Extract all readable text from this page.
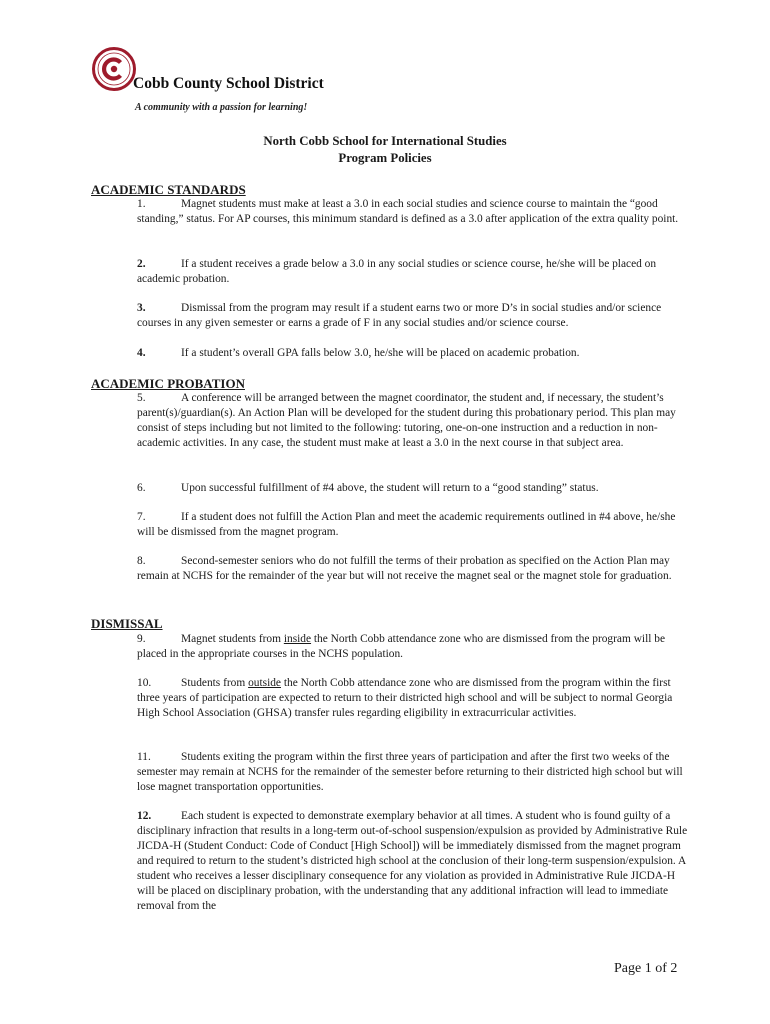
Cobb County School District
A community with a passion for learning!
North Cobb School for International Studies
Program Policies
ACADEMIC STANDARDS
1.	Magnet students must make at least a 3.0 in each social studies and science course to maintain the “good standing,” status. For AP courses, this minimum standard is defined as a 3.0 after application of the extra quality point.
2.	If a student receives a grade below a 3.0 in any social studies or science course, he/she will be placed on academic probation.
3.	Dismissal from the program may result if a student earns two or more D’s in social studies and/or science courses in any given semester or earns a grade of F in any social studies and/or science course.
4.	If a student’s overall GPA falls below 3.0, he/she will be placed on academic probation.
ACADEMIC PROBATION
5.	A conference will be arranged between the magnet coordinator, the student and, if necessary, the student’s parent(s)/guardian(s). An Action Plan will be developed for the student during this probationary period. This plan may consist of steps including but not limited to the following: tutoring, one-on-one instruction and a reduction in non-academic activities. In any case, the student must make at least a 3.0 in the next course in that subject area.
6.	Upon successful fulfillment of #4 above, the student will return to a “good standing” status.
7.	If a student does not fulfill the Action Plan and meet the academic requirements outlined in #4 above, he/she will be dismissed from the magnet program.
8.	Second-semester seniors who do not fulfill the terms of their probation as specified on the Action Plan may remain at NCHS for the remainder of the year but will not receive the magnet seal or the magnet stole for graduation.
DISMISSAL
9.	Magnet students from inside the North Cobb attendance zone who are dismissed from the program will be placed in the appropriate courses in the NCHS population.
10.	Students from outside the North Cobb attendance zone who are dismissed from the program within the first three years of participation are expected to return to their districted high school and will be subject to normal Georgia High School Association (GHSA) transfer rules regarding eligibility in extracurricular activities.
11.	Students exiting the program within the first three years of participation and after the first two weeks of the semester may remain at NCHS for the remainder of the semester before returning to their districted high school but will lose magnet transportation opportunities.
12.	Each student is expected to demonstrate exemplary behavior at all times. A student who is found guilty of a disciplinary infraction that results in a long-term out-of-school suspension/expulsion as provided by Administrative Rule JICDA-H (Student Conduct: Code of Conduct [High School]) will be immediately dismissed from the magnet program and required to return to the student’s districted high school at the conclusion of their long-term suspension/expulsion. A student who receives a lesser disciplinary consequence for any violation as provided in Administrative Rule JICDA-H will be placed on disciplinary probation, with the understanding that any additional infraction will lead to immediate removal from the
Page 1 of 2
